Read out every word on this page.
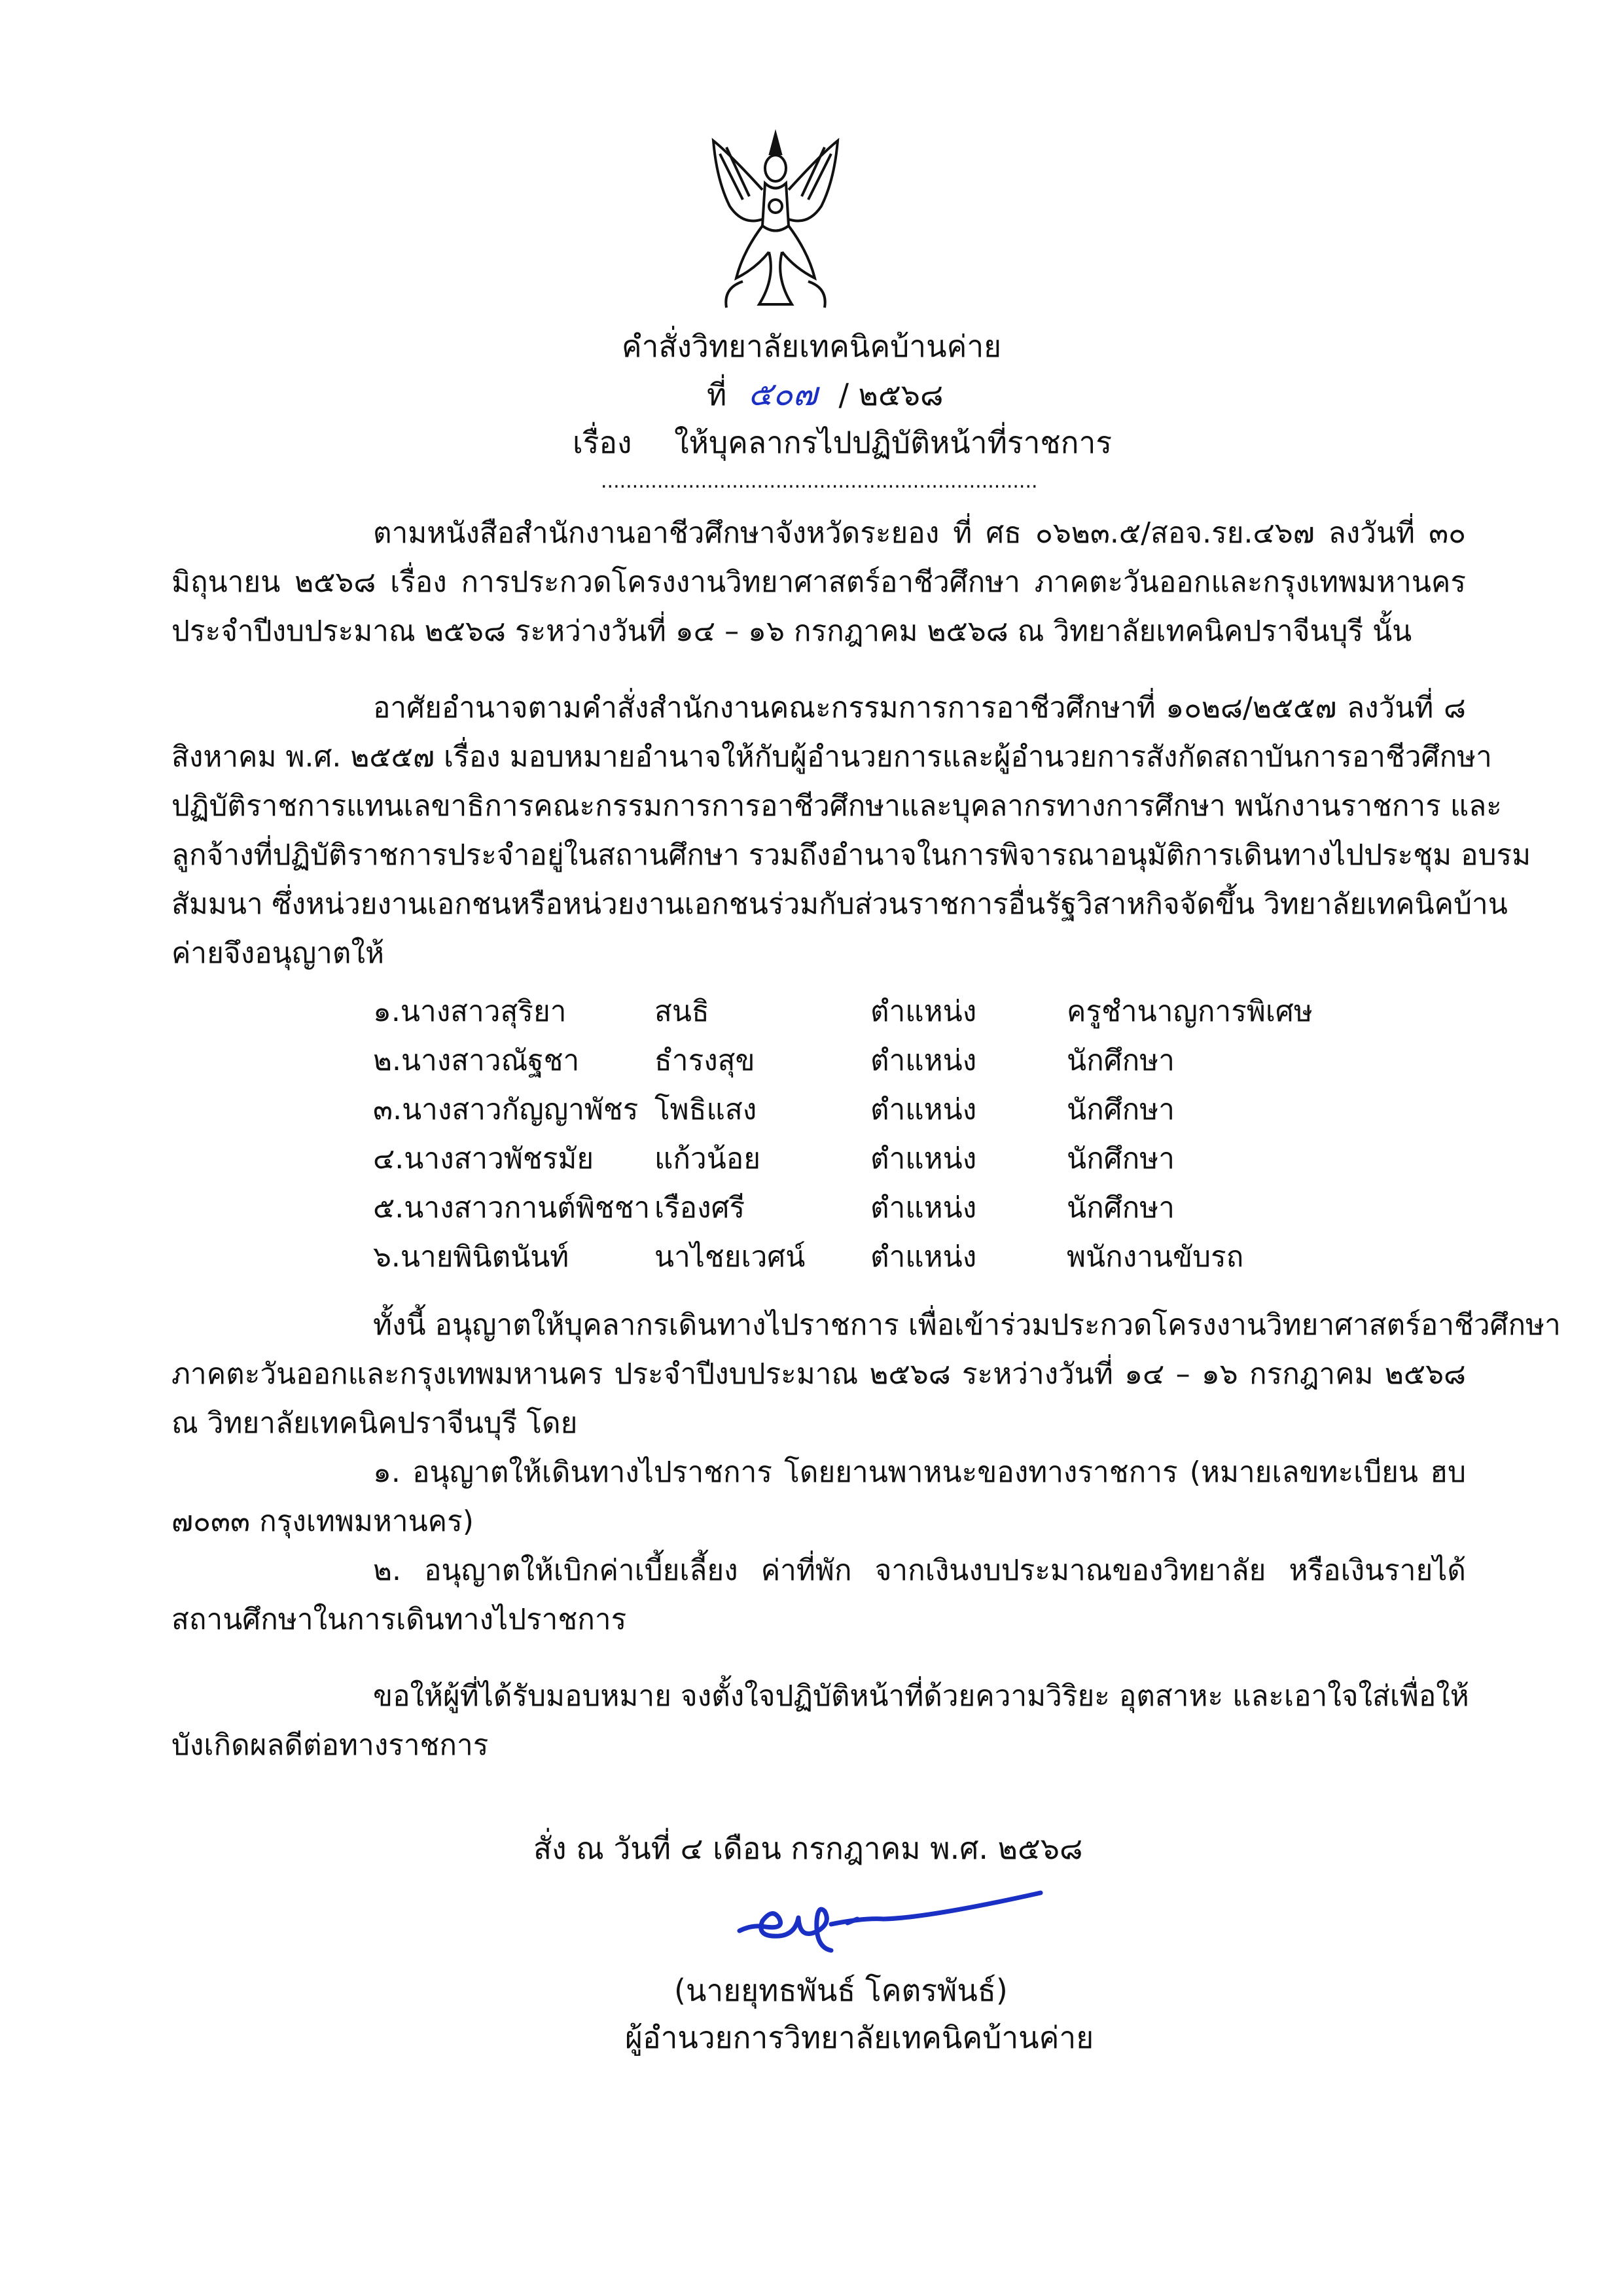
คำสั่งวิทยาลัยเทคนิคบ้านค่าย
ที่ ๕๐๗ / ๒๕๖๘
เรื่อง ให้บุคลากรไปปฏิบัติหน้าที่ราชการ
......................................................................
ตามหนังสือสำนักงานอาชีวศึกษาจังหวัดระยอง ที่ ศธ ๐๖๒๓.๕/สอจ.รย.๔๖๗ ลงวันที่ ๓๐
มิถุนายน ๒๕๖๘ เรื่อง การประกวดโครงงานวิทยาศาสตร์อาชีวศึกษา ภาคตะวันออกและกรุงเทพมหานคร
ประจำปีงบประมาณ ๒๕๖๘ ระหว่างวันที่ ๑๔ – ๑๖ กรกฎาคม ๒๕๖๘ ณ วิทยาลัยเทคนิคปราจีนบุรี นั้น
อาศัยอำนาจตามคำสั่งสำนักงานคณะกรรมการการอาชีวศึกษาที่ ๑๐๒๘/๒๕๕๗ ลงวันที่ ๘
สิงหาคม พ.ศ. ๒๕๕๗ เรื่อง มอบหมายอำนาจให้กับผู้อำนวยการและผู้อำนวยการสังกัดสถาบันการอาชีวศึกษา
ปฏิบัติราชการแทนเลขาธิการคณะกรรมการการอาชีวศึกษาและบุคลากรทางการศึกษา พนักงานราชการ และ
ลูกจ้างที่ปฏิบัติราชการประจำอยู่ในสถานศึกษา รวมถึงอำนาจในการพิจารณาอนุมัติการเดินทางไปประชุม อบรม
สัมมนา ซึ่งหน่วยงานเอกชนหรือหน่วยงานเอกชนร่วมกับส่วนราชการอื่นรัฐวิสาหกิจจัดขึ้น วิทยาลัยเทคนิคบ้าน
ค่ายจึงอนุญาตให้
๑.นางสาวสุริยา	สนธิ	ตำแหน่ง	ครูชำนาญการพิเศษ
๒.นางสาวณัฐชา	ธำรงสุข	ตำแหน่ง	นักศึกษา
๓.นางสาวกัญญาพัชร โพธิแสง	ตำแหน่ง	นักศึกษา
๔.นางสาวพัชรมัย แก้วน้อย	ตำแหน่ง	นักศึกษา
๕.นางสาวกานต์พิชชา เรืองศรี	ตำแหน่ง	นักศึกษา
๖.นายพินิตนันท์	นาไชยเวศน์ ตำแหน่ง	พนักงานขับรถ
ทั้งนี้ อนุญาตให้บุคลากรเดินทางไปราชการ เพื่อเข้าร่วมประกวดโครงงานวิทยาศาสตร์อาชีวศึกษา
ภาคตะวันออกและกรุงเทพมหานคร ประจำปีงบประมาณ ๒๕๖๘ ระหว่างวันที่ ๑๔ – ๑๖ กรกฎาคม ๒๕๖๘
ณ วิทยาลัยเทคนิคปราจีนบุรี โดย
๑. อนุญาตให้เดินทางไปราชการ โดยยานพาหนะของทางราชการ (หมายเลขทะเบียน ฮบ
๗๐๓๓ กรุงเทพมหานคร)
๒. อนุญาตให้เบิกค่าเบี้ยเลี้ยง ค่าที่พัก จากเงินงบประมาณของวิทยาลัย หรือเงินรายได้
สถานศึกษาในการเดินทางไปราชการ
ขอให้ผู้ที่ได้รับมอบหมาย จงตั้งใจปฏิบัติหน้าที่ด้วยความวิริยะ อุตสาหะ และเอาใจใส่เพื่อให้
บังเกิดผลดีต่อทางราชการ
สั่ง ณ วันที่ ๔ เดือน กรกฎาคม พ.ศ. ๒๕๖๘
(นายยุทธพันธ์ โคตรพันธ์)
ผู้อำนวยการวิทยาลัยเทคนิคบ้านค่าย
